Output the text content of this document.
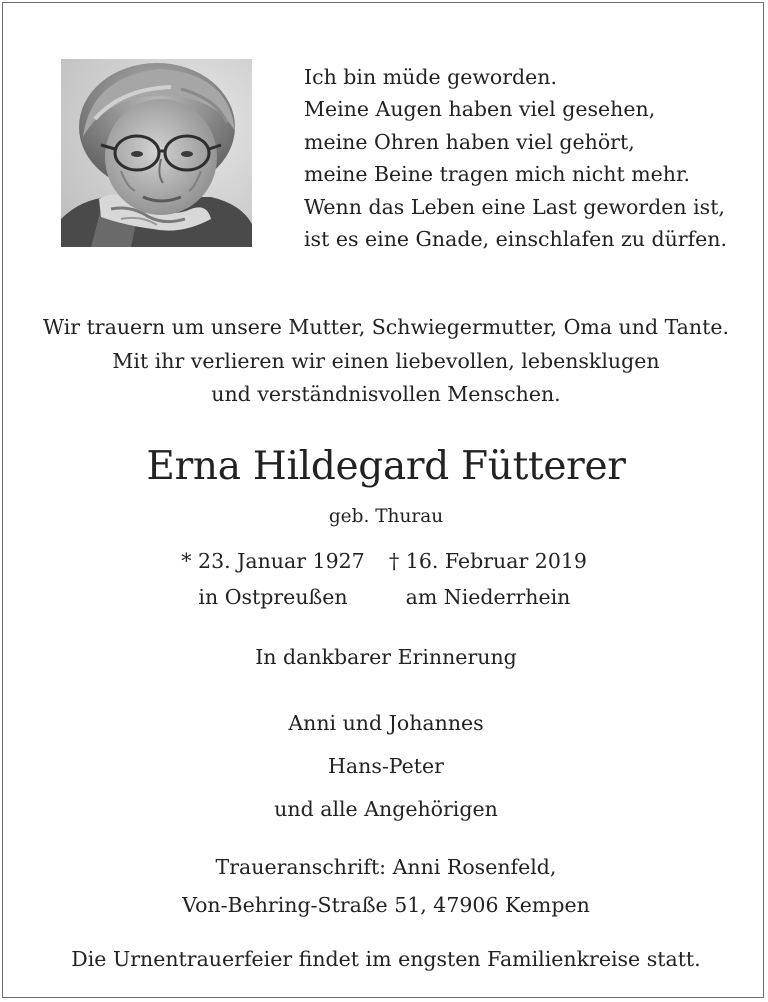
Ich bin müde geworden.
Meine Augen haben viel gesehen,
meine Ohren haben viel gehört,
meine Beine tragen mich nicht mehr.
Wenn das Leben eine Last geworden ist,
ist es eine Gnade, einschlafen zu dürfen.
Wir trauern um unsere Mutter, Schwiegermutter, Oma und Tante.
Mit ihr verlieren wir einen liebevollen, lebensklugen
und verständnisvollen Menschen.
Erna Hildegard Fütterer
geb. Thurau
* 23. Januar 1927
in Ostpreußen
† 16. Februar 2019
am Niederrhein
In dankbarer Erinnerung
Anni und Johannes
Hans-Peter
und alle Angehörigen
Traueranschrift: Anni Rosenfeld,
Von-Behring-Straße 51, 47906 Kempen
Die Urnentrauerfeier findet im engsten Familienkreise statt.
